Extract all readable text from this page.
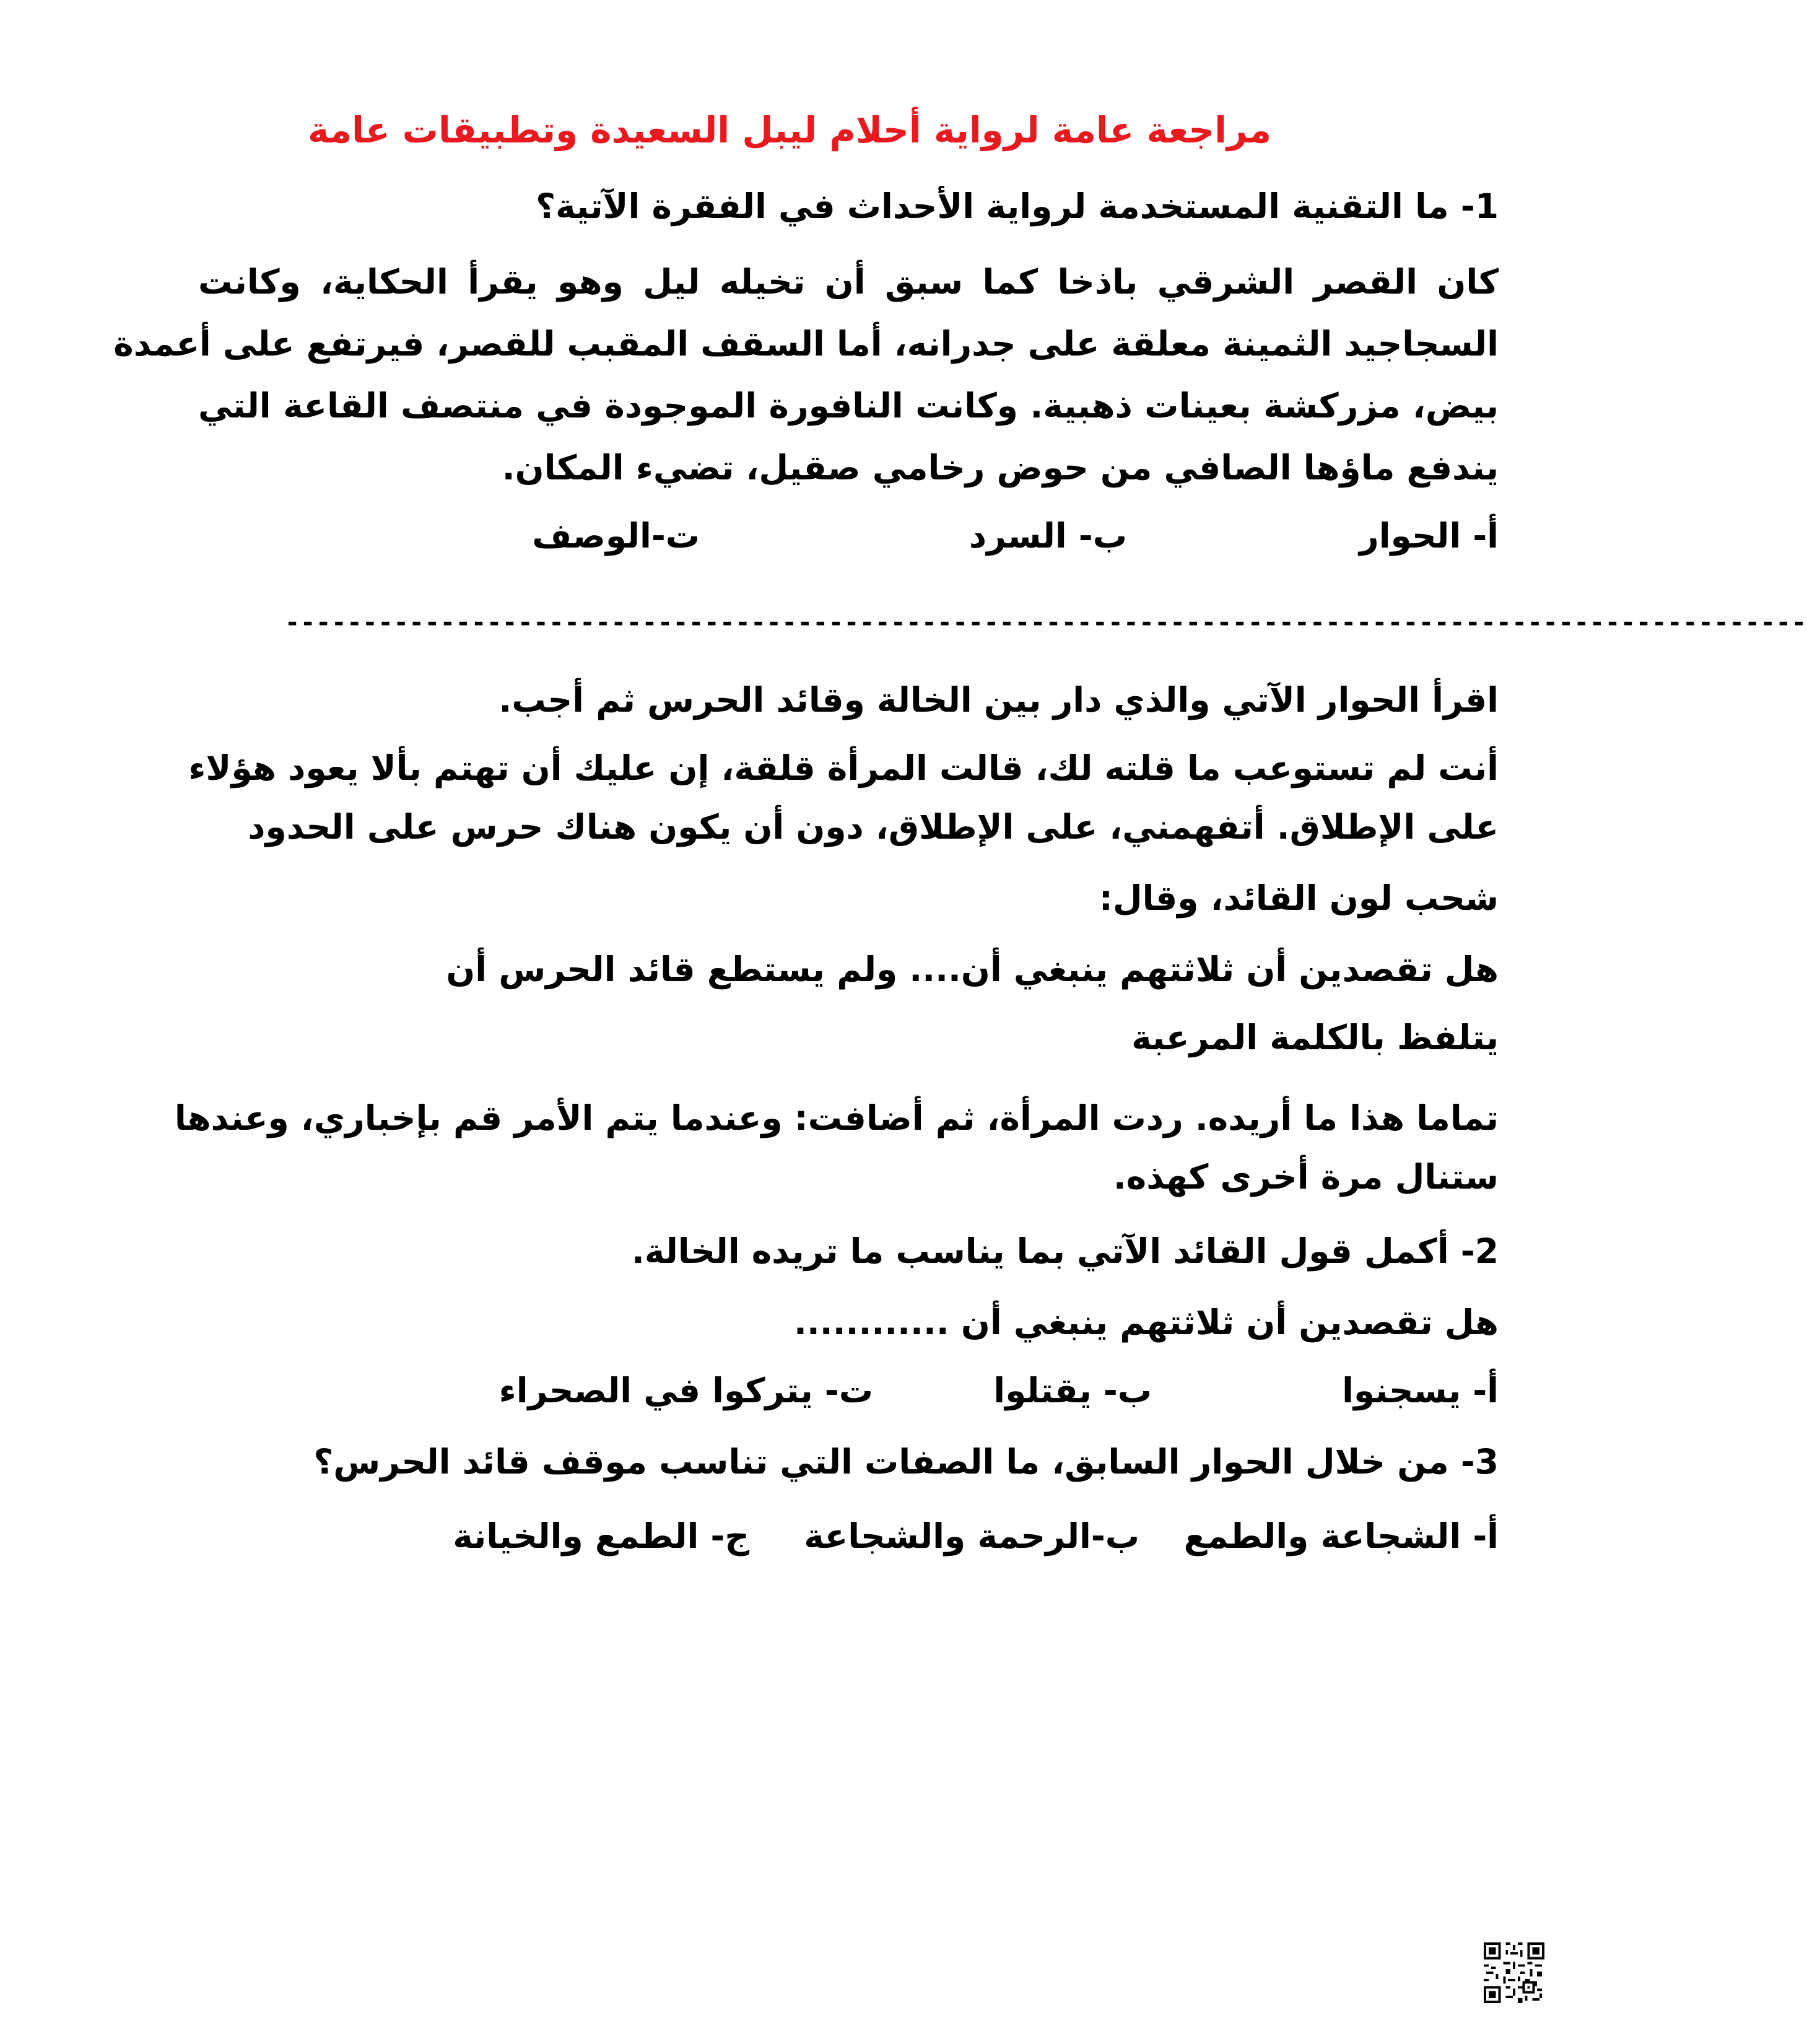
مراجعة عامة لرواية أحلام ليبل السعيدة وتطبيقات عامة
1- ما التقنية المستخدمة لرواية الأحداث في الفقرة الآتية؟
كان القصر الشرقي باذخا كما سبق أن تخيله ليل وهو يقرأ الحكاية، وكانت
السجاجيد الثمينة معلقة على جدرانه، أما السقف المقبب للقصر، فيرتفع على أعمدة
بيض، مزركشة بعينات ذهبية. وكانت النافورة الموجودة في منتصف القاعة التي
يندفع ماؤها الصافي من حوض رخامي صقيل، تضيء المكان.
أ- الحوار
ب- السرد
ت-الوصف
--------------------------------------------------------------------------------------------------
اقرأ الحوار الآتي والذي دار بين الخالة وقائد الحرس ثم أجب.
أنت لم تستوعب ما قلته لك، قالت المرأة قلقة، إن عليك أن تهتم بألا يعود هؤلاء
على الإطلاق. أتفهمني، على الإطلاق، دون أن يكون هناك حرس على الحدود
شحب لون القائد، وقال:
هل تقصدين أن ثلاثتهم ينبغي أن.... ولم يستطع قائد الحرس أن
يتلفظ بالكلمة المرعبة
تماما هذا ما أريده. ردت المرأة، ثم أضافت: وعندما يتم الأمر قم بإخباري، وعندها
ستنال مرة أخرى كهذه.
2- أكمل قول القائد الآتي بما يناسب ما تريده الخالة.
هل تقصدين أن ثلاثتهم ينبغي أن ............
أ- يسجنوا
ب- يقتلوا
ت- يتركوا في الصحراء
3- من خلال الحوار السابق، ما الصفات التي تناسب موقف قائد الحرس؟
أ- الشجاعة والطمع
ب-الرحمة والشجاعة
ج- الطمع والخيانة
